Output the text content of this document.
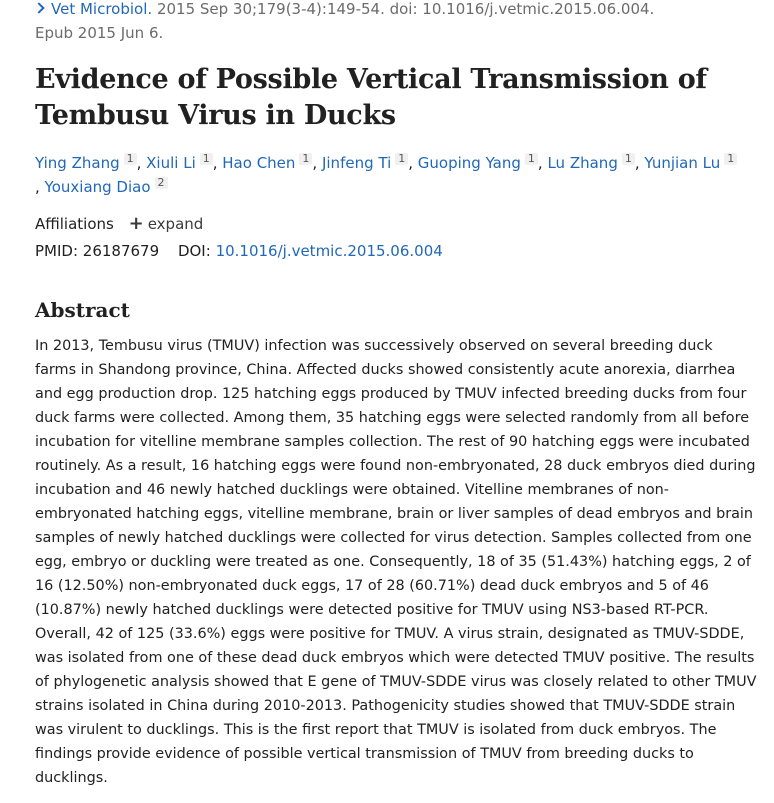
Vet Microbiol. 2015 Sep 30;179(3-4):149-54. doi: 10.1016/j.vetmic.2015.06.004.
Epub 2015 Jun 6.
Evidence of Possible Vertical Transmission of Tembusu Virus in Ducks
Ying Zhang $^1$ , Xiuli Li $^1$ , Hao Chen $^1$ , Jinfeng Ti $^1$ , Guoping Yang $^1$ , Lu Zhang $^1$ , Yunjian Lu $^1$
, Youxiang Diao $^2$
Affiliations + expand
PMID: 26187679 DOI: 10.1016/j.vetmic.2015.06.004
Abstract

In 2013, Tembusu virus (TMUV) infection was successively observed on several breeding duck farms in Shandong province, China. Affected ducks showed consistently acute anorexia, diarrhea and egg production drop. 125 hatching eggs produced by TMUV infected breeding ducks from four duck farms were collected. Among them, 35 hatching eggs were selected randomly from all before incubation for vitelline membrane samples collection. The rest of 90 hatching eggs were incubated routinely. As a result, 16 hatching eggs were found non-embryonated, 28 duck embryos died during incubation and 46 newly hatched ducklings were obtained. Vitelline membranes of non-embryonated hatching eggs, vitelline membrane, brain or liver samples of dead embryos and brain samples of newly hatched ducklings were collected for virus detection. Samples collected from one egg, embryo or duckling were treated as one. Consequently, 18 of 35 (51.43%) hatching eggs, 2 of 16 (12.50%) non-embryonated duck eggs, 17 of 28 (60.71%) dead duck embryos and 5 of 46 (10.87%) newly hatched ducklings were detected positive for TMUV using NS3-based RT-PCR. Overall, 42 of 125 (33.6%) eggs were positive for TMUV. A virus strain, designated as TMUV-SDDE, was isolated from one of these dead duck embryos which were detected TMUV positive. The results of phylogenetic analysis showed that E gene of TMUV-SDDE virus was closely related to other TMUV strains isolated in China during 2010-2013. Pathogenicity studies showed that TMUV-SDDE strain was virulent to ducklings. This is the first report that TMUV is isolated from duck embryos. The findings provide evidence of possible vertical transmission of TMUV from breeding ducks to ducklings.
